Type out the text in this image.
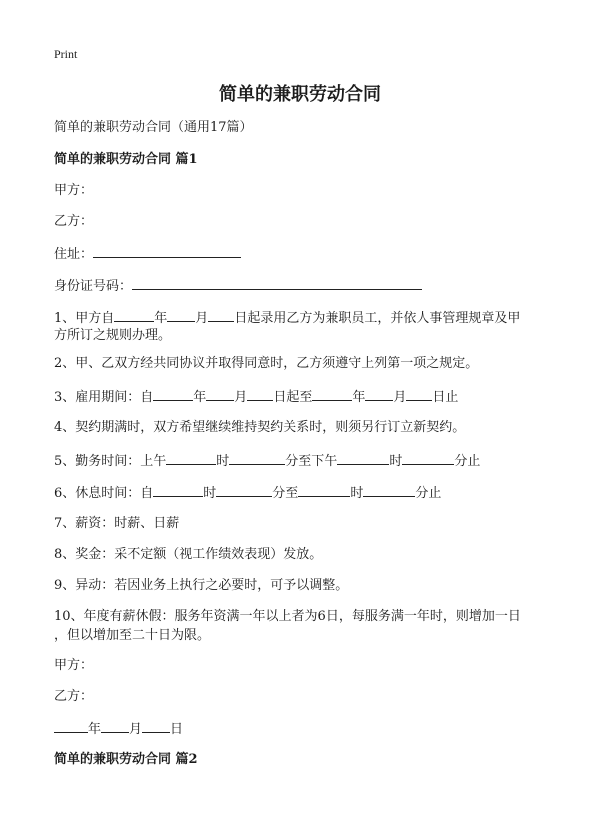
Print
简单的兼职劳动合同
简单的兼职劳动合同（通用17篇）
简单的兼职劳动合同 篇1
甲方：
乙方：
住址：
身份证号码：
1、甲方自	年 月 日起录用乙方为兼职员工，并依人事管理规章及甲
方所订之规则办理。
2、甲、乙双方经共同协议并取得同意时，乙方须遵守上列第一项之规定。
3、雇用期间：自	年 月 日起至	年 月 日止
4、契约期满时，双方希望继续维持契约关系时，则须另行订立新契约。
5、勤务时间：上午	时	分至下午	时	分止
6、休息时间：自	时	分至	时	分止
7、薪资：时薪、日薪
8、奖金：采不定额（视工作绩效表现）发放。
9、异动：若因业务上执行之必要时，可予以调整。
10、年度有薪休假：服务年资满一年以上者为6日，每服务满一年时，则增加一日
，但以增加至二十日为限。
甲方：
乙方：
年 月 日
简单的兼职劳动合同 篇2
